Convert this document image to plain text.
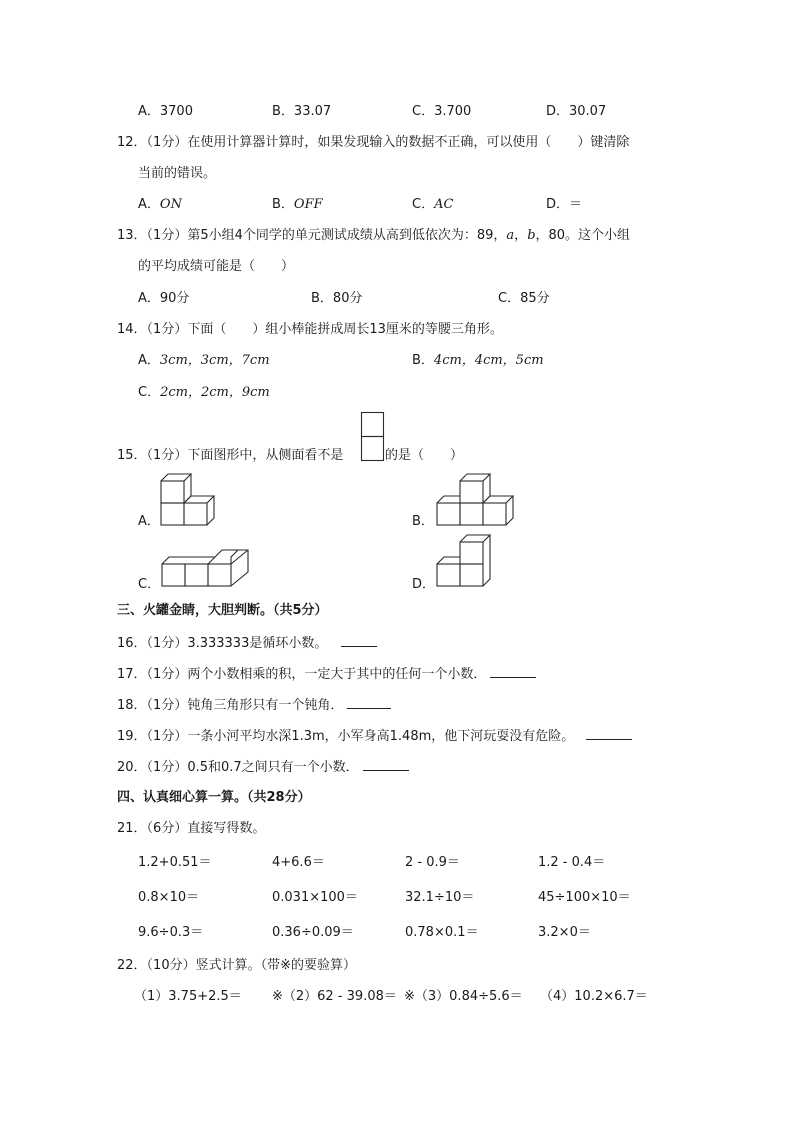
A．3700	B．33.07	C．3.700	D．30.07
12．（1分）在使用计算器计算时，如果发现输入的数据不正确，可以使用（　　）键清除
当前的错误。
A．ON	B．OFF	C．AC	D．＝
13．（1分）第5小组4个同学的单元测试成绩从高到低依次为：89，a，b，80。这个小组
的平均成绩可能是（　　）
A．90分	B．80分	C．85分
14．（1分）下面（　　）组小棒能拼成周长13厘米的等腰三角形。
A．3cm，3cm，7cm	B．4cm，4cm，5cm
C．2cm，2cm，9cm
15．（1分）下面图形中，从侧面看不是	的是（　　）
A．	B．
C．	D．
三、火罐金睛，大胆判断。（共5分）
16．（1分）3.333333是循环小数。
17．（1分）两个小数相乘的积，一定大于其中的任何一个小数．
18．（1分）钝角三角形只有一个钝角．
19．（1分）一条小河平均水深1.3m，小军身高1.48m，他下河玩耍没有危险。
20．（1分）0.5和0.7之间只有一个小数．
四、认真细心算一算。（共28分）
21．（6分）直接写得数。
1.2+0.51＝	4+6.6＝	2 - 0.9＝	1.2 - 0.4＝
0.8×10＝	0.031×100＝	32.1÷10＝	45÷100×10＝
9.6÷0.3＝	0.36÷0.09＝	0.78×0.1＝	3.2×0＝
22．（10分）竖式计算。（带※的要验算）
（1）3.75+2.5＝ ※（2）62 - 39.08＝ ※（3）0.84÷5.6＝ （4）10.2×6.7＝
